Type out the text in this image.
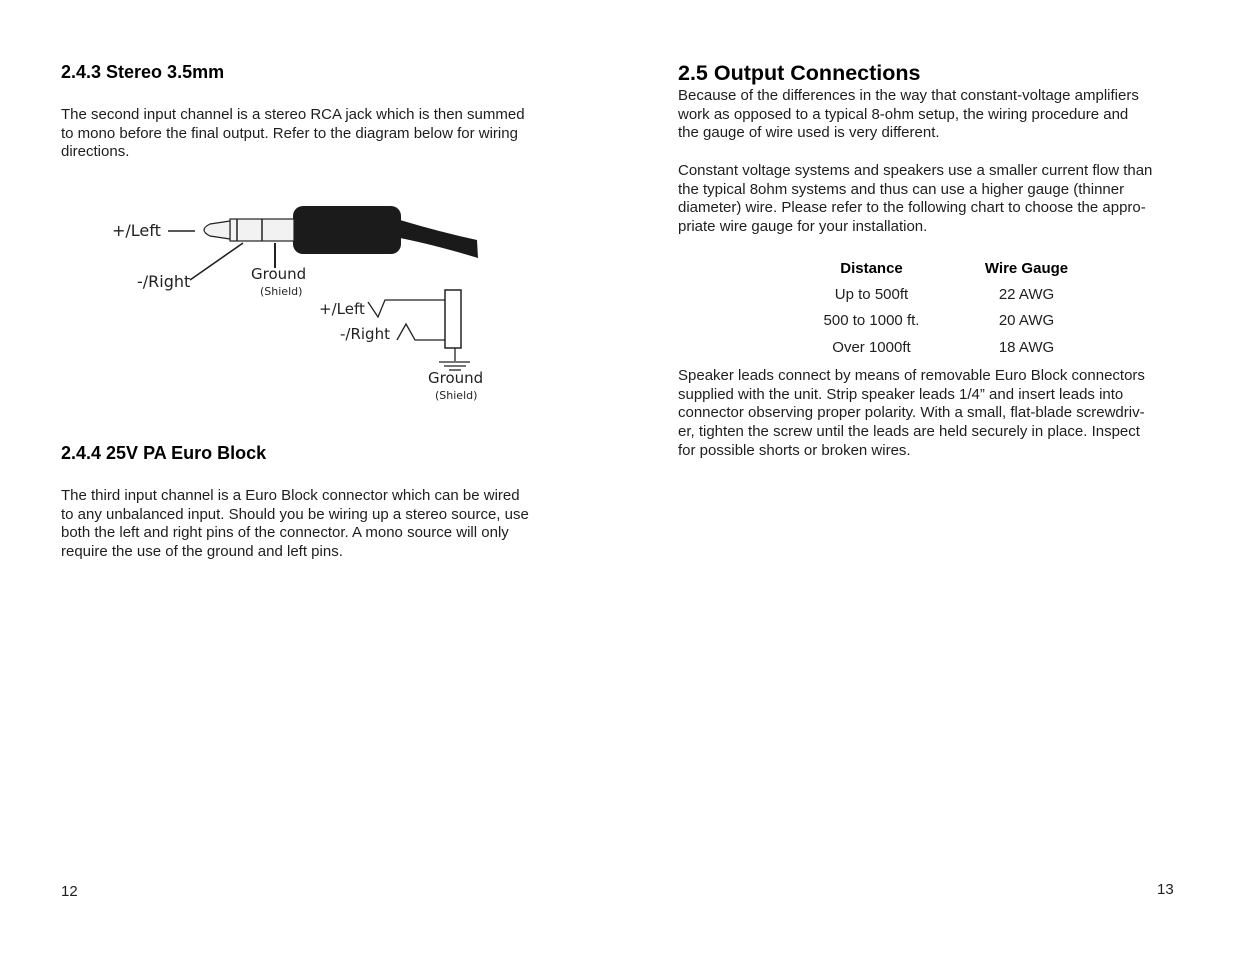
2.4.3 Stereo 3.5mm

The second input channel is a stereo RCA jack which is then summed
to mono before the final output. Refer to the diagram below for wiring
directions.

+/Left
-/Right	Ground
(Shield)
+/Left
-/Right
Ground
(Shield)
2.4.4 25V PA Euro Block

The third input channel is a Euro Block connector which can be wired
to any unbalanced input. Should you be wiring up a stereo source, use
both the left and right pins of the connector. A mono source will only
require the use of the ground and left pins.

12
2.5 Output Connections

Because of the differences in the way that constant-voltage amplifiers
work as opposed to a typical 8-ohm setup, the wiring procedure and
the gauge of wire used is very different.

Constant voltage systems and speakers use a smaller current flow than
the typical 8ohm systems and thus can use a higher gauge (thinner
diameter) wire. Please refer to the following chart to choose the appro-
priate wire gauge for your installation.

Distance	Wire Gauge
Up to 500ft	22 AWG
500 to 1000 ft.	20 AWG
Over 1000ft	18 AWG

Speaker leads connect by means of removable Euro Block connectors
supplied with the unit. Strip speaker leads 1/4” and insert leads into
connector observing proper polarity. With a small, flat-blade screwdriv-
er, tighten the screw until the leads are held securely in place. Inspect
for possible shorts or broken wires.

13
